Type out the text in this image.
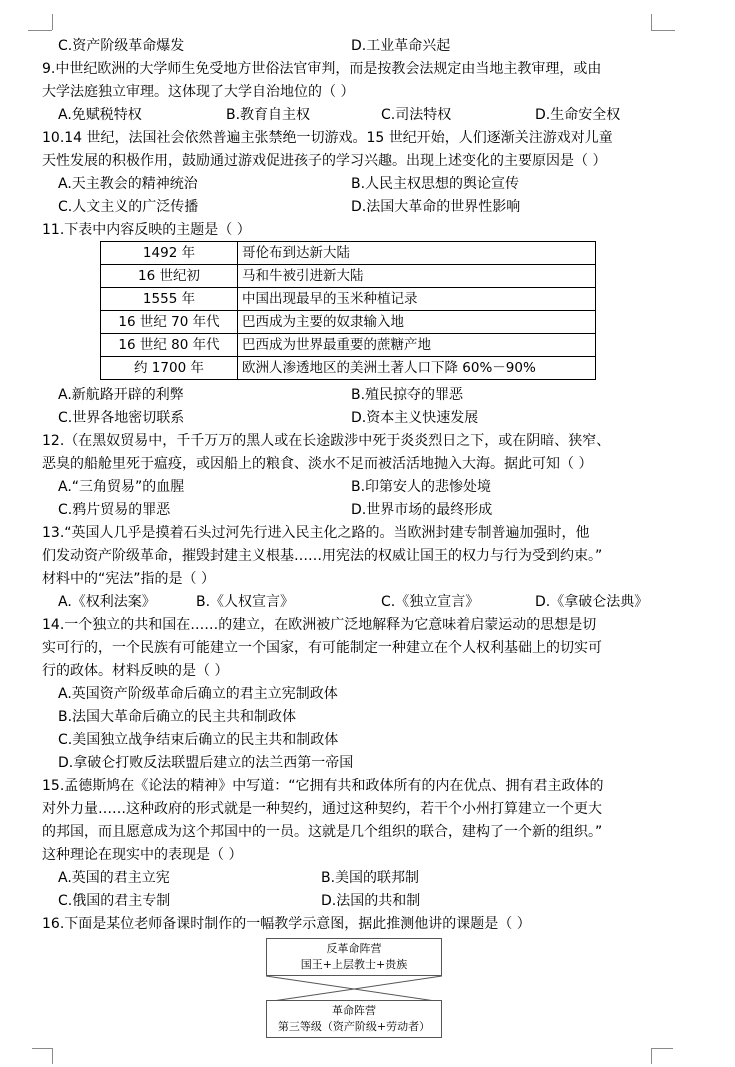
C.资产阶级革命爆发	D.工业革命兴起
9.中世纪欧洲的大学师生免受地方世俗法官审判，而是按教会法规定由当地主教审理，或由
大学法庭独立审理。这体现了大学自治地位的（ ）
A.免赋税特权	B.教育自主权	C.司法特权	D.生命安全权
10.14 世纪，法国社会依然普遍主张禁绝一切游戏。15 世纪开始，人们逐渐关注游戏对儿童
天性发展的积极作用，鼓励通过游戏促进孩子的学习兴趣。出现上述变化的主要原因是（ ）
A.天主教会的精神统治	B.人民主权思想的舆论宣传
C.人文主义的广泛传播	D.法国大革命的世界性影响
11.下表中内容反映的主题是（ ）
1492 年	哥伦布到达新大陆
16 世纪初	马和牛被引进新大陆
1555 年	中国出现最早的玉米种植记录
16 世纪 70 年代	巴西成为主要的奴隶输入地
16 世纪 80 年代	巴西成为世界最重要的蔗糖产地
约 1700 年	欧洲人渗透地区的美洲土著人口下降 60%－90%
A.新航路开辟的利弊	B.殖民掠夺的罪恶
C.世界各地密切联系	D.资本主义快速发展
12.（在黑奴贸易中，千千万万的黑人或在长途跋涉中死于炎炎烈日之下，或在阴暗、狭窄、
恶臭的船舱里死于瘟疫，或因船上的粮食、淡水不足而被活活地抛入大海。据此可知（ ）
A.“三角贸易”的血腥	B.印第安人的悲惨处境
C.鸦片贸易的罪恶	D.世界市场的最终形成
13.“英国人几乎是摸着石头过河先行进入民主化之路的。当欧洲封建专制普遍加强时，他
们发动资产阶级革命，摧毁封建主义根基……用宪法的权威让国王的权力与行为受到约束。”
材料中的“宪法”指的是（ ）
A.《权利法案》	B.《人权宣言》	C.《独立宣言》	D.《拿破仑法典》
14.一个独立的共和国在……的建立，在欧洲被广泛地解释为它意味着启蒙运动的思想是切
实可行的，一个民族有可能建立一个国家，有可能制定一种建立在个人权利基础上的切实可
行的政体。材料反映的是（ ）
A.英国资产阶级革命后确立的君主立宪制政体
B.法国大革命后确立的民主共和制政体
C.美国独立战争结束后确立的民主共和制政体
D.拿破仑打败反法联盟后建立的法兰西第一帝国
15.孟德斯鸠在《论法的精神》中写道：“它拥有共和政体所有的内在优点、拥有君主政体的
对外力量……这种政府的形式就是一种契约，通过这种契约，若干个小州打算建立一个更大
的邦国，而且愿意成为这个邦国中的一员。这就是几个组织的联合，建构了一个新的组织。”
这种理论在现实中的表现是（ ）
A.英国的君主立宪	B.美国的联邦制
C.俄国的君主专制	D.法国的共和制
16.下面是某位老师备课时制作的一幅教学示意图，据此推测他讲的课题是（ ）
反革命阵营
国王+上层教士+贵族
革命阵营
第三等级（资产阶级+劳动者）
